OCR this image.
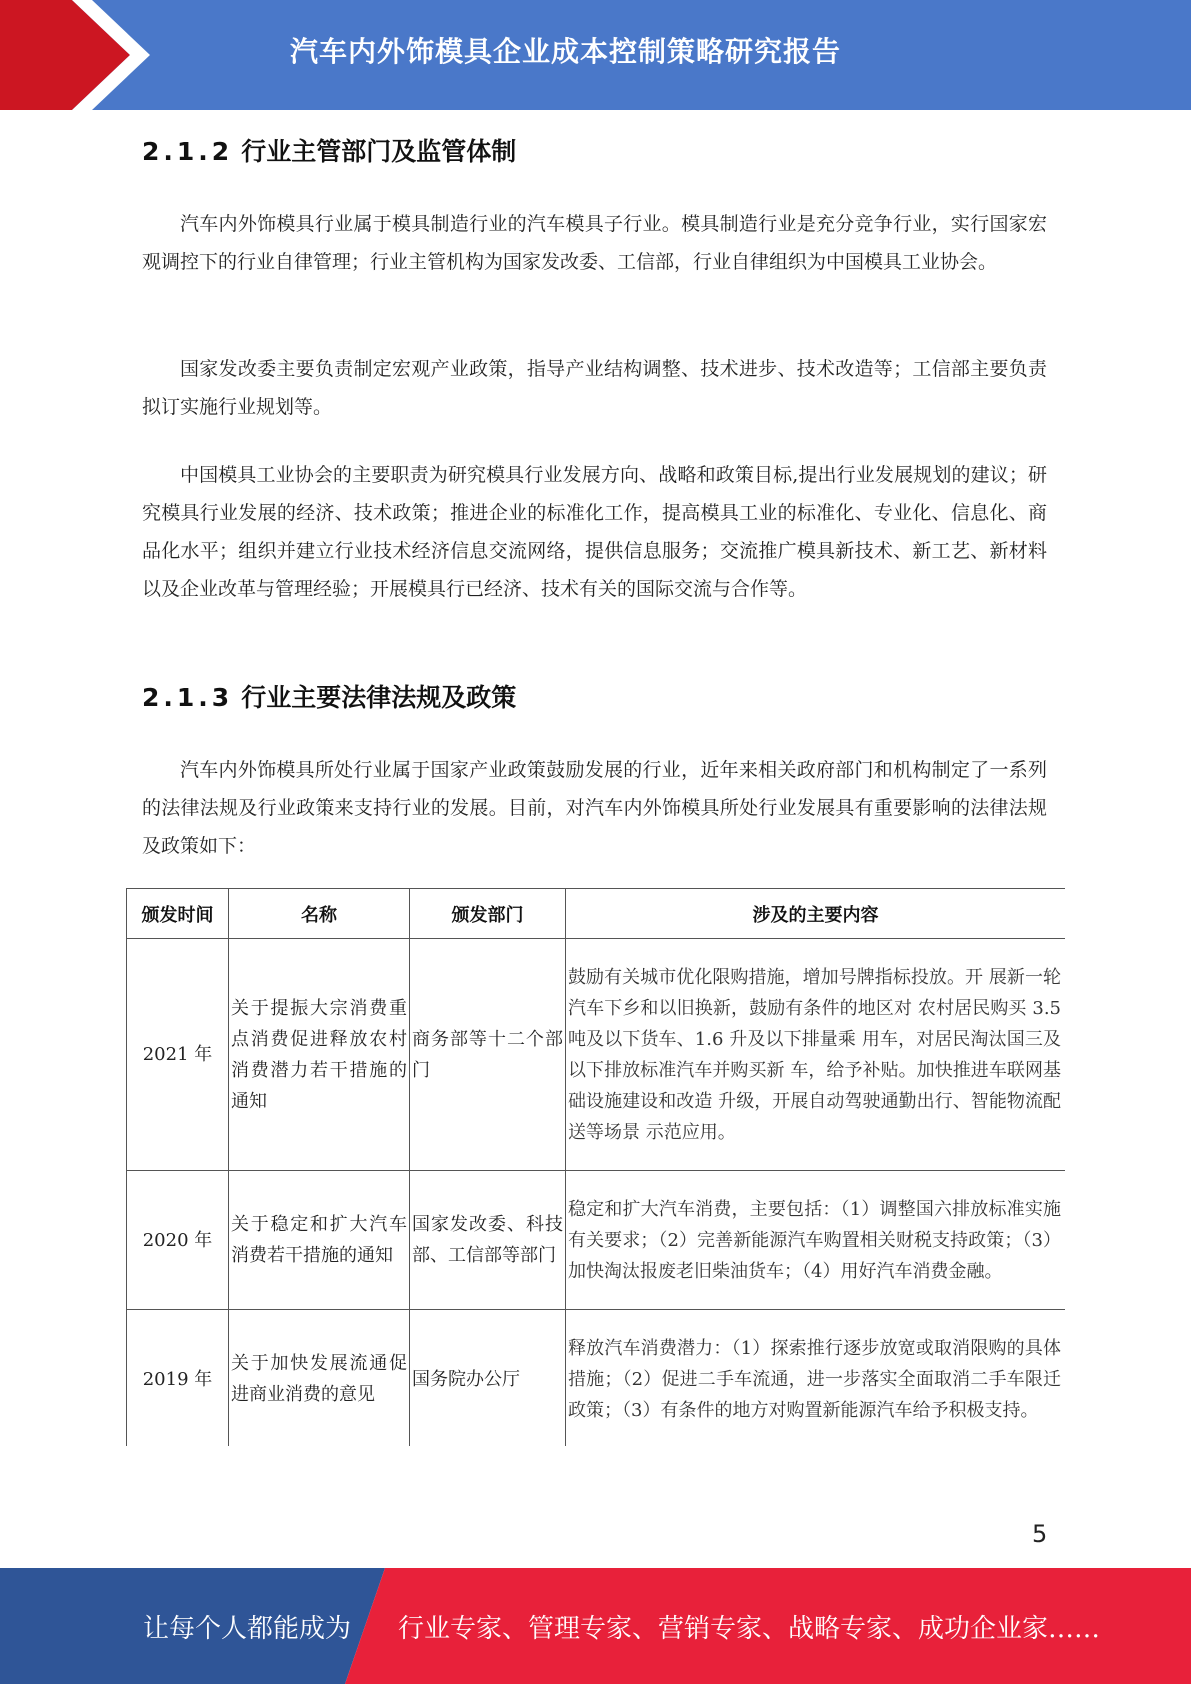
汽车内外饰模具企业成本控制策略研究报告
2.1.2 行业主管部门及监管体制

汽车内外饰模具行业属于模具制造行业的汽车模具子行业。模具制造行业是充分竞争行业，实行国家宏观调控下的行业自律管理；行业主管机构为国家发改委、工信部，行业自律组织为中国模具工业协会。

国家发改委主要负责制定宏观产业政策，指导产业结构调整、技术进步、技术改造等；工信部主要负责拟订实施行业规划等。

中国模具工业协会的主要职责为研究模具行业发展方向、战略和政策目标,提出行业发展规划的建议；研究模具行业发展的经济、技术政策；推进企业的标准化工作，提高模具工业的标准化、专业化、信息化、商品化水平；组织并建立行业技术经济信息交流网络，提供信息服务；交流推广模具新技术、新工艺、新材料以及企业改革与管理经验；开展模具行已经济、技术有关的国际交流与合作等。

2.1.3 行业主要法律法规及政策

汽车内外饰模具所处行业属于国家产业政策鼓励发展的行业，近年来相关政府部门和机构制定了一系列的法律法规及行业政策来支持行业的发展。目前，对汽车内外饰模具所处行业发展具有重要影响的法律法规及政策如下：

颁发时间	名称	颁发部门	涉及的主要内容
2021 年	关于提振大宗消费重点消费促进释放农村消费潜力若干措施的通知	商务部等十二个部门	鼓励有关城市优化限购措施，增加号牌指标投放。开 展新一轮汽车下乡和以旧换新，鼓励有条件的地区对 农村居民购买 3.5 吨及以下货车、1.6 升及以下排量乘 用车，对居民淘汰国三及以下排放标准汽车并购买新 车，给予补贴。加快推进车联网基础设施建设和改造 升级，开展自动驾驶通勤出行、智能物流配送等场景 示范应用。
2020 年	关于稳定和扩大汽车消费若干措施的通知	国家发改委、科技部、工信部等部门	稳定和扩大汽车消费，主要包括：（1）调整国六排放标准实施有关要求；（2）完善新能源汽车购置相关财税支持政策；（3）加快淘汰报废老旧柴油货车；（4）用好汽车消费金融。
2019 年	关于加快发展流通促进商业消费的意见	国务院办公厅	释放汽车消费潜力：（1）探索推行逐步放宽或取消限购的具体措施；（2）促进二手车流通，进一步落实全面取消二手车限迁政策；（3）有条件的地方对购置新能源汽车给予积极支持。
5
让每个人都能成为 行业专家、管理专家、营销专家、战略专家、成功企业家……
